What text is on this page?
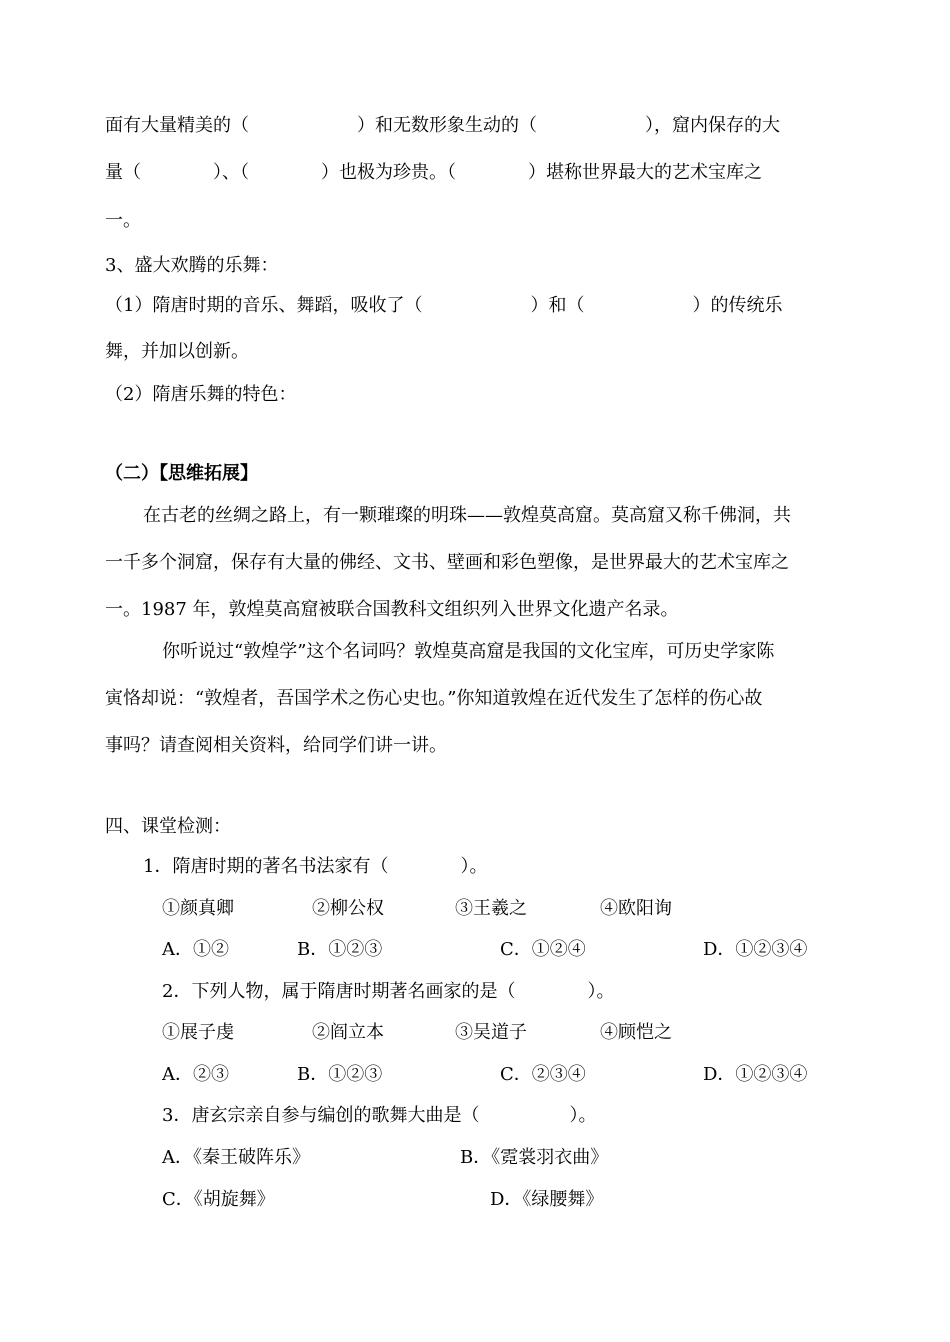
面有大量精美的（　　　　　　）和无数形象生动的（　　　　　　），窟内保存的大
量（　　　　）、（　　　　）也极为珍贵。（　　　　）堪称世界最大的艺术宝库之
一。
3、盛大欢腾的乐舞：
（1）隋唐时期的音乐、舞蹈，吸收了（　　　　　　）和（　　　　　　）的传统乐
舞，并加以创新。
（2）隋唐乐舞的特色：
（二）【思维拓展】
在古老的丝绸之路上，有一颗璀璨的明珠——敦煌莫高窟。莫高窟又称千佛洞，共
一千多个洞窟，保存有大量的佛经、文书、壁画和彩色塑像，是世界最大的艺术宝库之
一。1987 年，敦煌莫高窟被联合国教科文组织列入世界文化遗产名录。
你听说过“敦煌学”这个名词吗？敦煌莫高窟是我国的文化宝库，可历史学家陈
寅恪却说：“敦煌者，吾国学术之伤心史也。”你知道敦煌在近代发生了怎样的伤心故
事吗？请查阅相关资料，给同学们讲一讲。
四、课堂检测：
1．隋唐时期的著名书法家有（　　　　）。
①颜真卿	②柳公权	③王羲之	④欧阳询
A．①②	B．①②③	C．①②④	D．①②③④
2．下列人物，属于隋唐时期著名画家的是（　　　　）。
①展子虔	②阎立本	③吴道子	④顾恺之
A．②③	B．①②③	C．②③④	D．①②③④
3．唐玄宗亲自参与编创的歌舞大曲是（　　　　　）。
A．《秦王破阵乐》	B．《霓裳羽衣曲》
C．《胡旋舞》	D．《绿腰舞》
